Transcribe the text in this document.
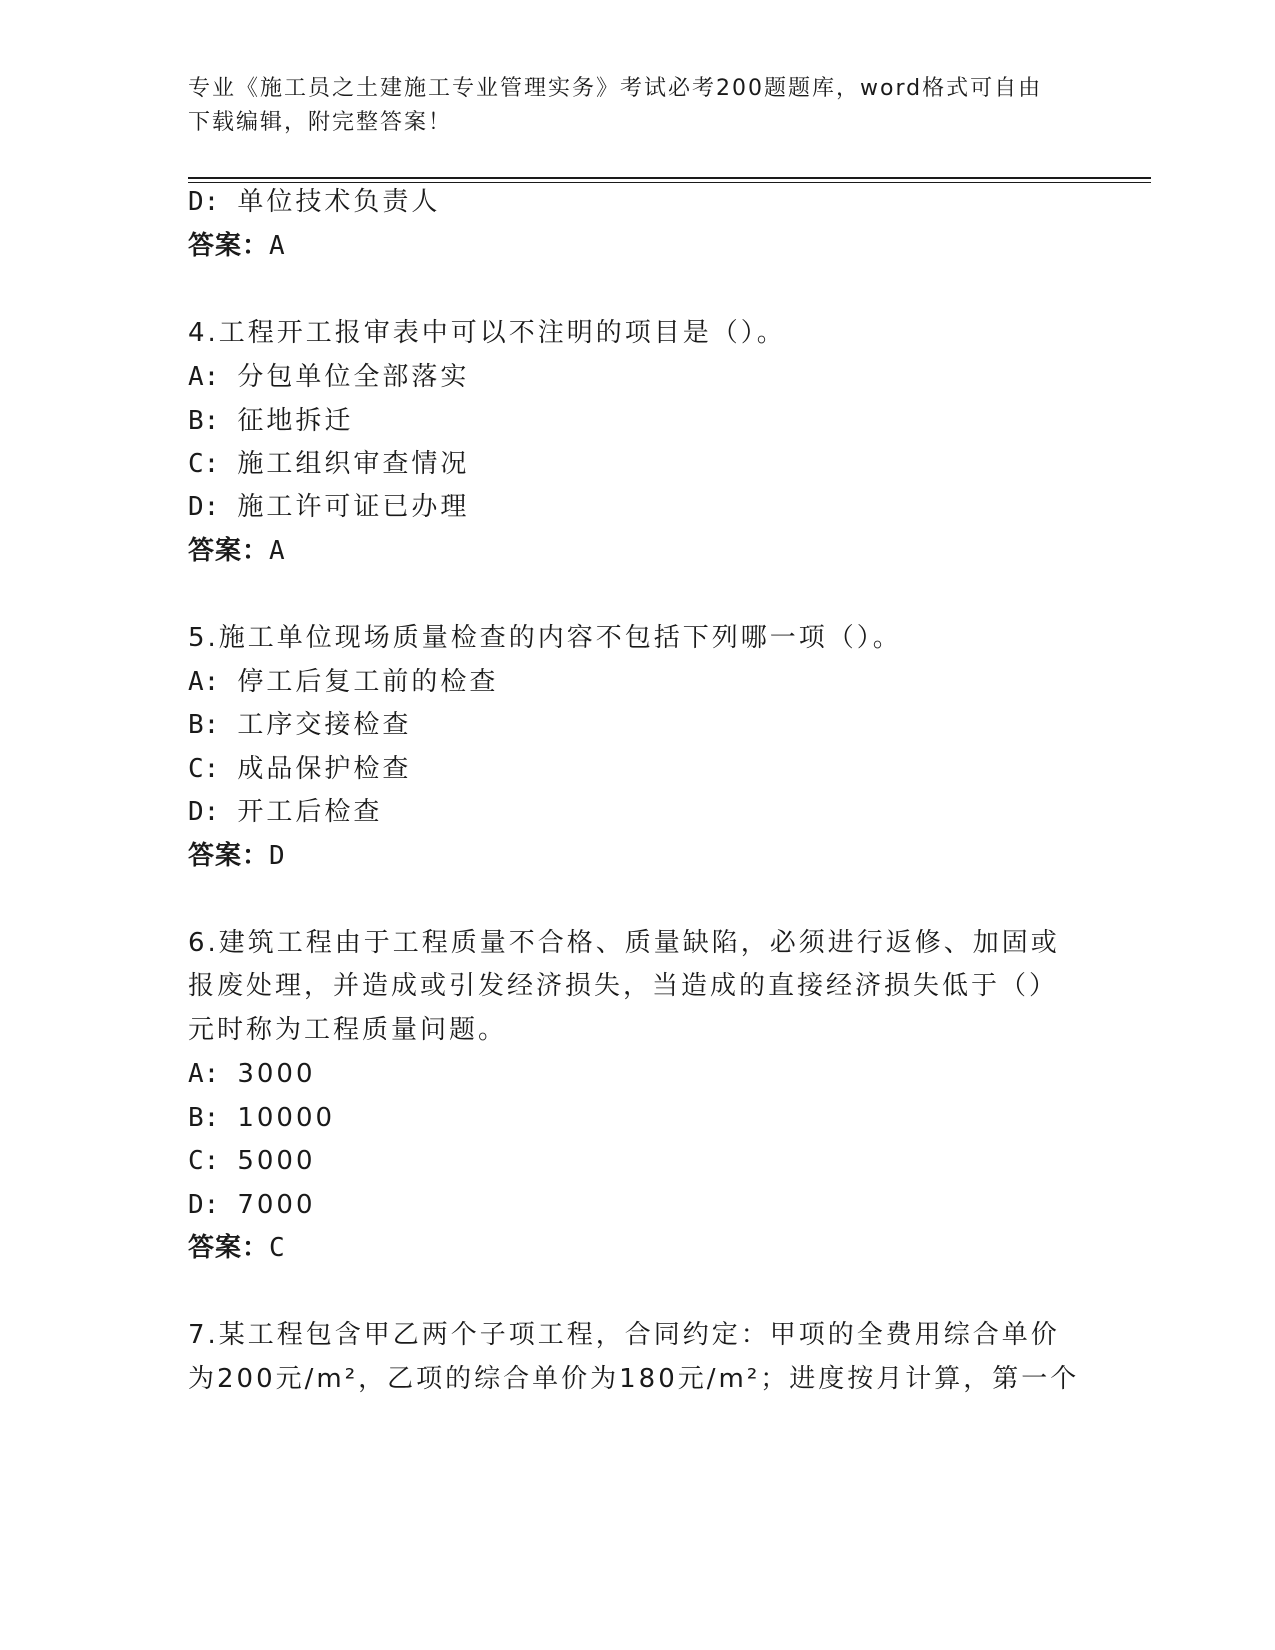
专业《施工员之土建施工专业管理实务》考试必考200题题库，word格式可自由
下载编辑，附完整答案！
D: 单位技术负责人
答案：A
4.工程开工报审表中可以不注明的项目是（）。
A: 分包单位全部落实
B: 征地拆迁
C: 施工组织审查情况
D: 施工许可证已办理
答案：A
5.施工单位现场质量检查的内容不包括下列哪一项（）。
A: 停工后复工前的检查
B: 工序交接检查
C: 成品保护检查
D: 开工后检查
答案：D
6.建筑工程由于工程质量不合格、质量缺陷，必须进行返修、加固或
报废处理，并造成或引发经济损失，当造成的直接经济损失低于（）
元时称为工程质量问题。
A: 3000
B: 10000
C: 5000
D: 7000
答案：C
7.某工程包含甲乙两个子项工程，合同约定：甲项的全费用综合单价
为200元/m²，乙项的综合单价为180元/m²；进度按月计算，第一个
